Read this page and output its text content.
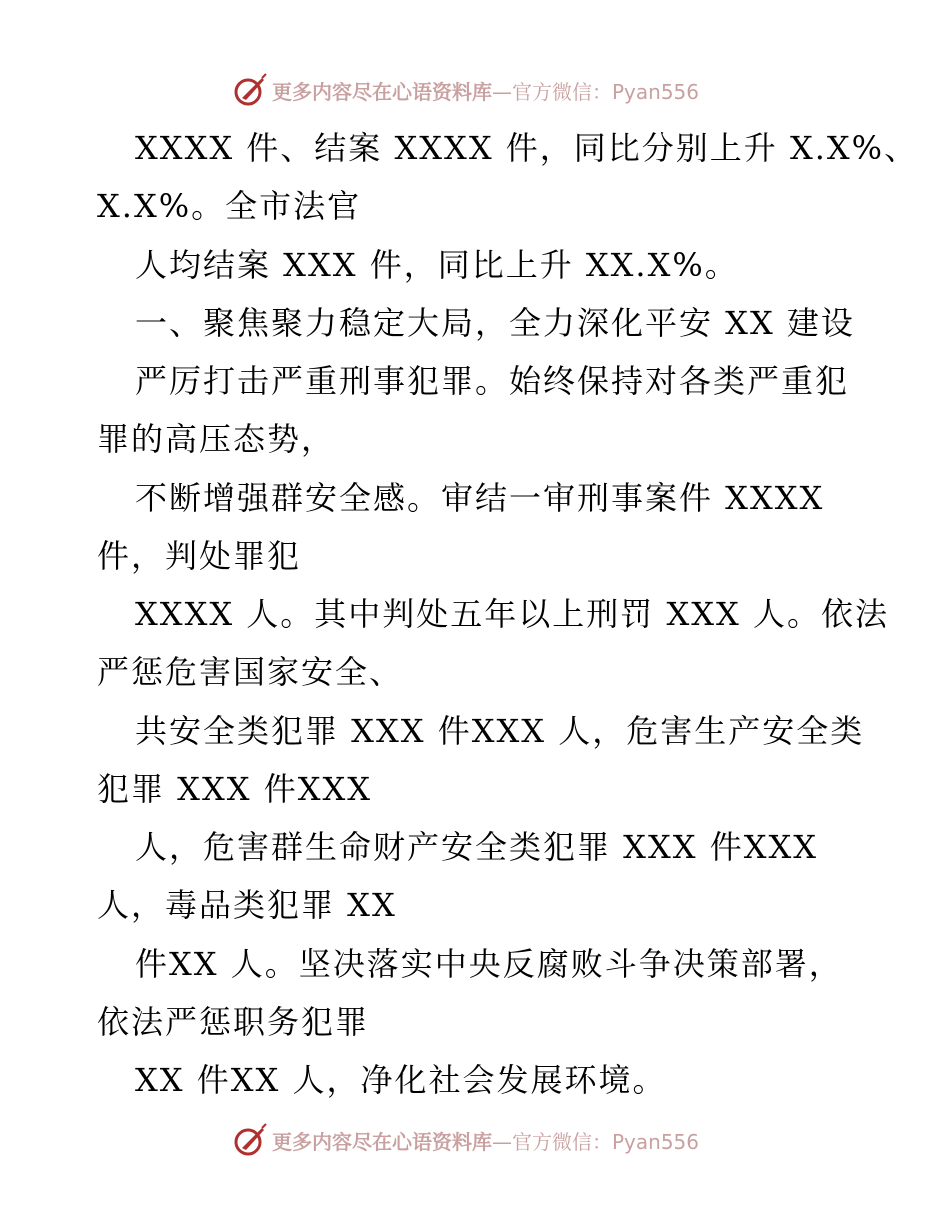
更多内容尽在心语资料库—官方微信：Pyan556
XXXX 件、结案 XXXX 件，同比分别上升 X.X%、
X.X%。全市法官
人均结案 XXX 件，同比上升 XX.X%。
一、聚焦聚力稳定大局，全力深化平安 XX 建设
严厉打击严重刑事犯罪。始终保持对各类严重犯
罪的高压态势，
不断增强群安全感。审结一审刑事案件 XXXX
件，判处罪犯
XXXX 人。其中判处五年以上刑罚 XXX 人。依法
严惩危害国家安全、
共安全类犯罪 XXX 件XXX 人，危害生产安全类
犯罪 XXX 件XXX
人，危害群生命财产安全类犯罪 XXX 件XXX
人，毒品类犯罪 XX
件XX 人。坚决落实中央反腐败斗争决策部署，
依法严惩职务犯罪
XX 件XX 人，净化社会发展环境。
更多内容尽在心语资料库—官方微信：Pyan556
